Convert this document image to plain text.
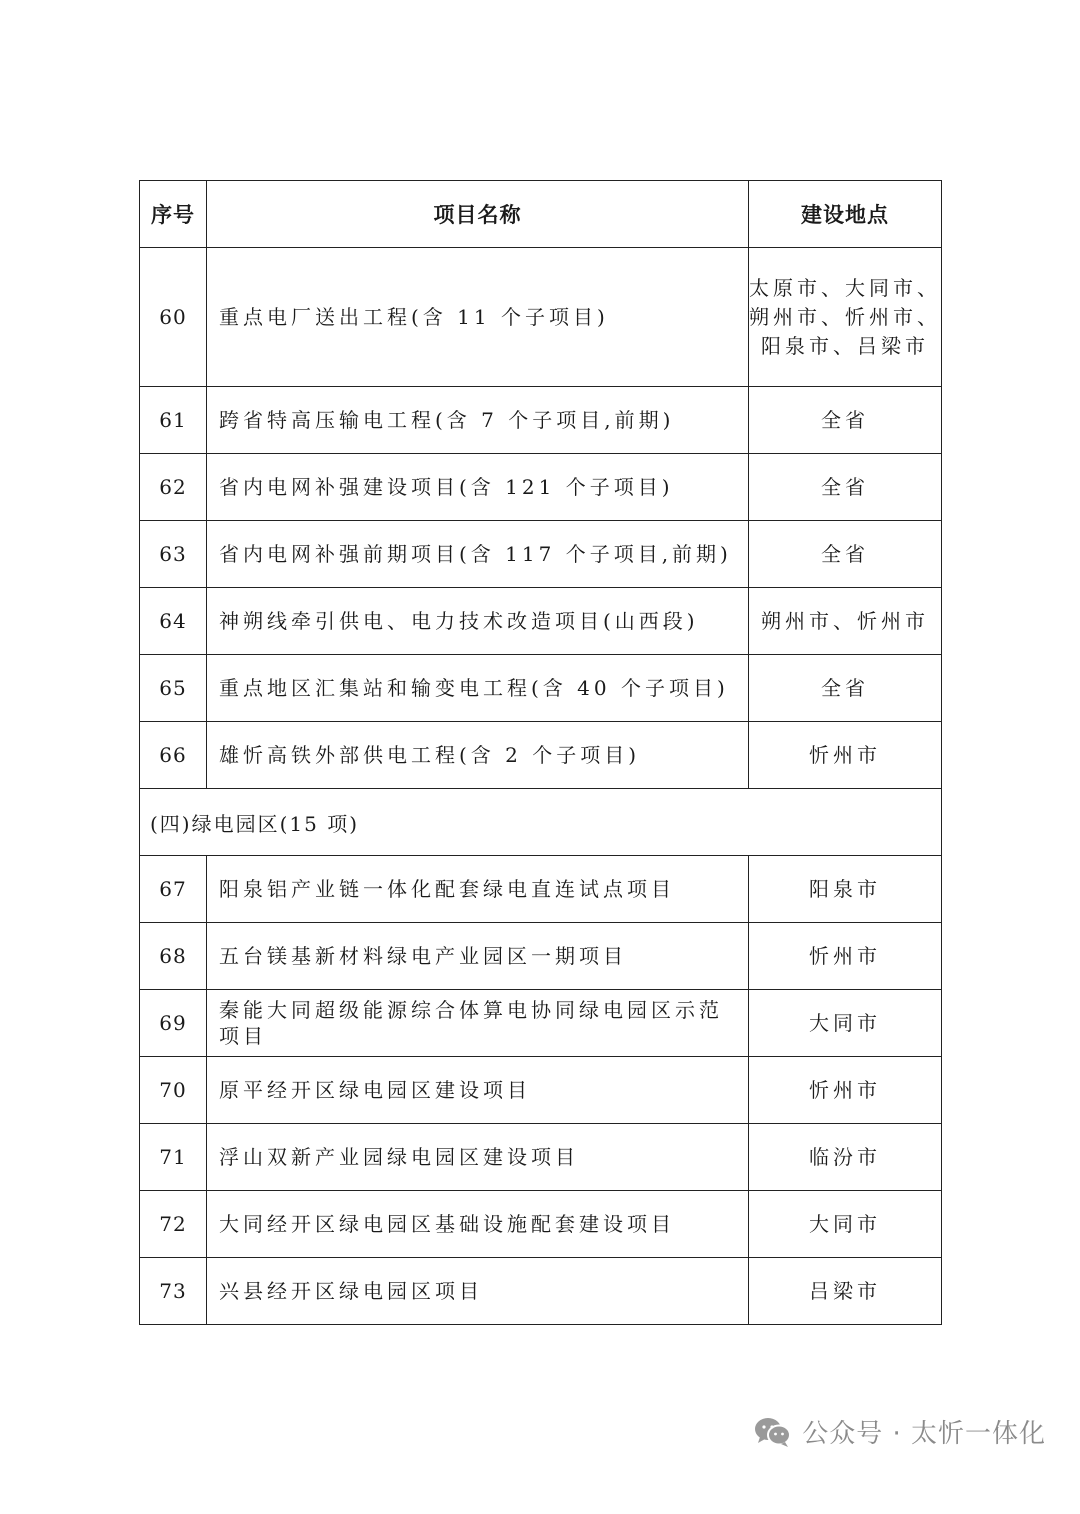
序号	项目名称	建设地点
60	重点电厂送出工程(含 11 个子项目)	太原市、大同市、朔州市、忻州市、阳泉市、吕梁市
61	跨省特高压输电工程(含 7 个子项目,前期)	全省
62	省内电网补强建设项目(含 121 个子项目)	全省
63	省内电网补强前期项目(含 117 个子项目,前期)	全省
64	神朔线牵引供电、电力技术改造项目(山西段)	朔州市、忻州市
65	重点地区汇集站和输变电工程(含 40 个子项目)	全省
66	雄忻高铁外部供电工程(含 2 个子项目)	忻州市
(四)绿电园区(15 项)		
67	阳泉铝产业链一体化配套绿电直连试点项目	阳泉市
68	五台镁基新材料绿电产业园区一期项目	忻州市
69	秦能大同超级能源综合体算电协同绿电园区示范项目	大同市
70	原平经开区绿电园区建设项目	忻州市
71	浮山双新产业园绿电园区建设项目	临汾市
72	大同经开区绿电园区基础设施配套建设项目	大同市
73	兴县经开区绿电园区项目	吕梁市
公众号 · 太忻一体化
